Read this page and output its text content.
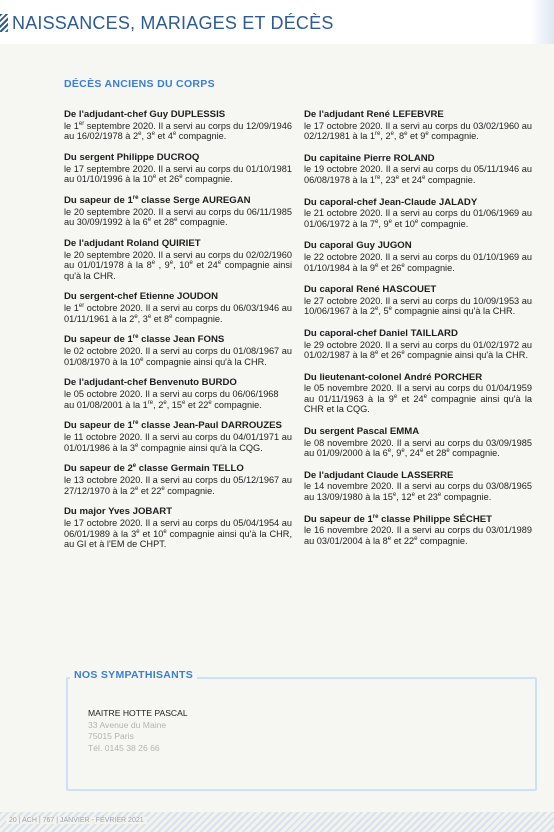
NAISSANCES, MARIAGES ET DÉCÈS
DÉCÈS ANCIENS DU CORPS
De l'adjudant-chef Guy DUPLESSIS
le 1er septembre 2020. Il a servi au corps du 12/09/1946 au 16/02/1978 à 2e, 3e et 4e compagnie.
Du sergent Philippe DUCROQ
le 17 septembre 2020. Il a servi au corps du 01/10/1981 au 01/10/1996 à la 10e et 26e compagnie.
Du sapeur de 1re classe Serge AUREGAN
le 20 septembre 2020. Il a servi au corps du 06/11/1985 au 30/09/1992 à la 6e et 28e compagnie.
De l'adjudant Roland QUIRIET
le 20 septembre 2020. Il a servi au corps du 02/02/1960 au 01/01/1978 à la 8e , 9e, 10e et 24e compagnie ainsi qu'à la CHR.
Du sergent-chef Etienne JOUDON
le 1er octobre 2020. Il a servi au corps du 06/03/1946 au 01/11/1961 à la 2e, 3e et 8e compagnie.
Du sapeur de 1re classe Jean FONS
le 02 octobre 2020. Il a servi au corps du 01/08/1967 au 01/08/1970 à la 10e compagnie ainsi qu'à la CHR.
De l'adjudant-chef Benvenuto BURDO
le 05 octobre 2020. Il a servi au corps du 06/06/1968
au 01/08/2001 à la 1re, 2e, 15e et 22e compagnie.
Du sapeur de 1re classe Jean-Paul DARROUZES
le 11 octobre 2020. Il a servi au corps du 04/01/1971 au 01/01/1986 à la 3e compagnie ainsi qu'à la CQG.
Du sapeur de 2e classe Germain TELLO
le 13 octobre 2020. Il a servi au corps du 05/12/1967 au 27/12/1970 à la 2e et 22e compagnie.
Du major Yves JOBART
le 17 octobre 2020. Il a servi au corps du 05/04/1954 au 06/01/1989 à la 3e et 10e compagnie ainsi qu'à la CHR, au GI et à l'EM de CHPT.
De l'adjudant René LEFEBVRE
le 17 octobre 2020. Il a servi au corps du 03/02/1960 au 02/12/1981 à la 1re, 2e, 8e et 9e compagnie.
Du capitaine Pierre ROLAND
le 19 octobre 2020. Il a servi au corps du 05/11/1946 au 06/08/1978 à la 1re, 23e et 24e compagnie.
Du caporal-chef Jean-Claude JALADY
le 21 octobre 2020. Il a servi au corps du 01/06/1969 au 01/06/1972 à la 7e, 9e et 10e compagnie.
Du caporal Guy JUGON
le 22 octobre 2020. Il a servi au corps du 01/10/1969 au 01/10/1984 à la 9e et 26e compagnie.
Du caporal René HASCOUET
le 27 octobre 2020. Il a servi au corps du 10/09/1953 au 10/06/1967 à la 2e, 5e compagnie ainsi qu'à la CHR.
Du caporal-chef Daniel TAILLARD
le 29 octobre 2020. Il a servi au corps du 01/02/1972 au 01/02/1987 à la 8e et 26e compagnie ainsi qu'à la CHR.
Du lieutenant-colonel André PORCHER
le 05 novembre 2020. Il a servi au corps du 01/04/1959 au 01/11/1963 à la 9e et 24e compagnie ainsi qu'à la CHR et la CQG.
Du sergent Pascal EMMA
le 08 novembre 2020. Il a servi au corps du 03/09/1985 au 01/09/2000 à la 6e, 9e, 24e et 28e compagnie.
De l'adjudant Claude LASSERRE
le 14 novembre 2020. Il a servi au corps du 03/08/1965 au 13/09/1980 à la 15e, 12e et 23e compagnie.
Du sapeur de 1re classe Philippe SÉCHET
le 16 novembre 2020. Il a servi au corps du 03/01/1989 au 03/01/2004 à la 8e et 22e compagnie.
NOS SYMPATHISANTS
MAITRE HOTTE PASCAL
33 Avenue du Maine
75015 Paris
Tél. 0145 38 26 66
20 | ACH | 767 | JANVIER - FÉVRIER 2021
